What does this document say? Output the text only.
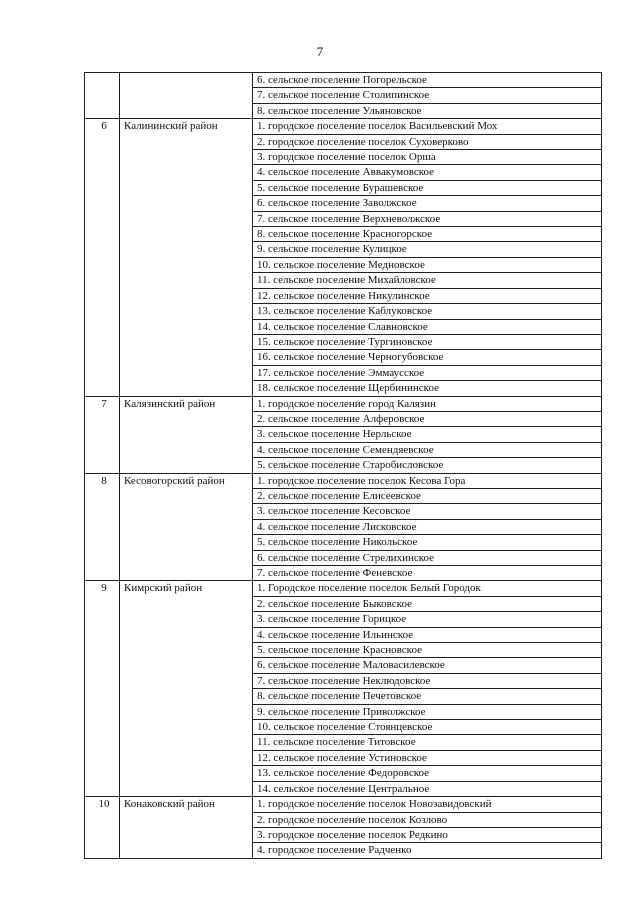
7
		6. сельское поселение Погорельское
		7. сельское поселение Столипинское
		8. сельское поселение Ульяновское
6	Калининский район	1. городское поселение поселок Васильевский Мох
		2. городское поселение поселок Суховерково
		3. городское поселение поселок Орша
		4. сельское поселение Аввакумовское
		5. сельское поселение Бурашевское
		6. сельское поселение Заволжское
		7. сельское поселение Верхневолжское
		8. сельское поселение Красногорское
		9. сельское поселение Кулицкое
		10. сельское поселение Медновское
		11. сельское поселение Михайловское
		12. сельское поселение Никулинское
		13. сельское поселение Каблуковское
		14. сельское поселение Славновское
		15. сельское поселение Тургиновское
		16. сельское поселение Черногубовское
		17. сельское поселение Эммаусское
		18. сельское поселение Щербининское
7	Калязинский район	1. городское поселение город Калязин
		2. сельское поселение Алферовское
		3. сельское поселение Нерльское
		4. сельское поселение Семендяевское
		5. сельское поселение Старобисловское
8	Кесовогорский район	1. городское поселение поселок Кесова Гора
		2. сельское поселение Елисеевское
		3. сельское поселение Кесовское
		4. сельское поселение Лисковское
		5. сельское поселение Никольское
		6. сельское поселение Стрелихинское
		7. сельское поселение Феневское
9	Кимрский район	1. Городское поселение поселок Белый Городок
		2. сельское поселение Быковское
		3. сельское поселение Горицкое
		4. сельское поселение Ильинское
		5. сельское поселение Красновское
		6. сельское поселение Маловасилевское
		7. сельское поселение Неклюдовское
		8. сельское поселение Печетовское
		9. сельское поселение Приволжское
		10. сельское поселение Стоянцевское
		11. сельское поселение Титовское
		12. сельское поселение Устиновское
		13. сельское поселение Федоровское
		14. сельское поселение Центральное
10	Конаковский район	1. городское поселение поселок Новозавидовский
		2. городское поселение поселок Козлово
		3. городское поселение поселок Редкино
		4. городское поселение Радченко
